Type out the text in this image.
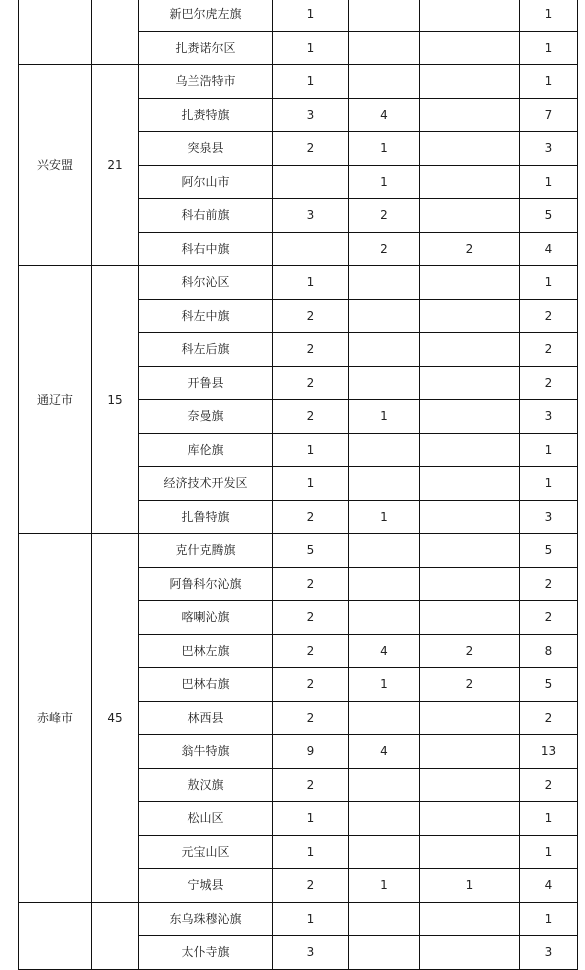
		新巴尔虎左旗	1			1
		扎赉诺尔区	1			1
兴安盟	21	乌兰浩特市	1			1
		扎赉特旗	3	4		7
		突泉县	2	1		3
		阿尔山市		1		1
		科右前旗	3	2		5
		科右中旗		2	2	4
通辽市	15	科尔沁区	1			1
		科左中旗	2			2
		科左后旗	2			2
		开鲁县	2			2
		奈曼旗	2	1		3
		库伦旗	1			1
		经济技术开发区	1			1
		扎鲁特旗	2	1		3
赤峰市	45	克什克腾旗	5			5
		阿鲁科尔沁旗	2			2
		喀喇沁旗	2			2
		巴林左旗	2	4	2	8
		巴林右旗	2	1	2	5
		林西县	2			2
		翁牛特旗	9	4		13
		敖汉旗	2			2
		松山区	1			1
		元宝山区	1			1
		宁城县	2	1	1	4
		东乌珠穆沁旗	1			1
		太仆寺旗	3			3
